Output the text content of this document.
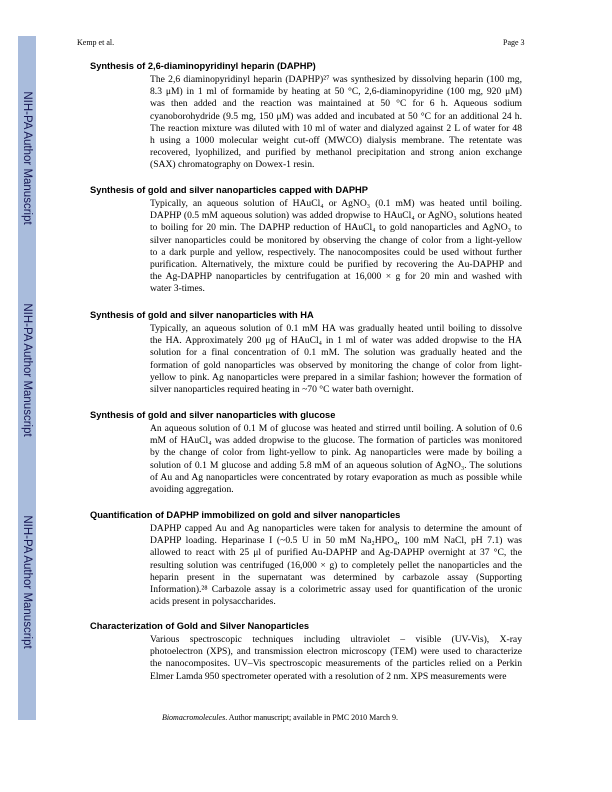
NIH-PA Author Manuscript
NIH-PA Author Manuscript
NIH-PA Author Manuscript
Kemp et al.	Page 3
Synthesis of 2,6-diaminopyridinyl heparin (DAPHP)
The 2,6 diaminopyridinyl heparin (DAPHP)²⁷ was synthesized by dissolving heparin (100 mg,
8.3 μM) in 1 ml of formamide by heating at 50 °C, 2,6-diaminopyridine (100 mg, 920 μM)
was then added and the reaction was maintained at 50 °C for 6 h. Aqueous sodium
cyanoborohydride (9.5 mg, 150 μM) was added and incubated at 50 °C for an additional 24 h.
The reaction mixture was diluted with 10 ml of water and dialyzed against 2 L of water for 48
h using a 1000 molecular weight cut-off (MWCO) dialysis membrane. The retentate was
recovered, lyophilized, and purified by methanol precipitation and strong anion exchange
(SAX) chromatography on Dowex-1 resin.
Synthesis of gold and silver nanoparticles capped with DAPHP
Typically, an aqueous solution of HAuCl₄ or AgNO₃ (0.1 mM) was heated until boiling.
DAPHP (0.5 mM aqueous solution) was added dropwise to HAuCl₄ or AgNO₃ solutions heated
to boiling for 20 min. The DAPHP reduction of HAuCl₄ to gold nanoparticles and AgNO₃ to
silver nanoparticles could be monitored by observing the change of color from a light-yellow
to a dark purple and yellow, respectively. The nanocomposites could be used without further
purification. Alternatively, the mixture could be purified by recovering the Au-DAPHP and
the Ag-DAPHP nanoparticles by centrifugation at 16,000 × g for 20 min and washed with
water 3-times.
Synthesis of gold and silver nanoparticles with HA
Typically, an aqueous solution of 0.1 mM HA was gradually heated until boiling to dissolve
the HA. Approximately 200 μg of HAuCl₄ in 1 ml of water was added dropwise to the HA
solution for a final concentration of 0.1 mM. The solution was gradually heated and the
formation of gold nanoparticles was observed by monitoring the change of color from light-
yellow to pink. Ag nanoparticles were prepared in a similar fashion; however the formation of
silver nanoparticles required heating in ~70 °C water bath overnight.
Synthesis of gold and silver nanoparticles with glucose
An aqueous solution of 0.1 M of glucose was heated and stirred until boiling. A solution of 0.6
mM of HAuCl₄ was added dropwise to the glucose. The formation of particles was monitored
by the change of color from light-yellow to pink. Ag nanoparticles were made by boiling a
solution of 0.1 M glucose and adding 5.8 mM of an aqueous solution of AgNO₃. The solutions
of Au and Ag nanoparticles were concentrated by rotary evaporation as much as possible while
avoiding aggregation.
Quantification of DAPHP immobilized on gold and silver nanoparticles
DAPHP capped Au and Ag nanoparticles were taken for analysis to determine the amount of
DAPHP loading. Heparinase I (~0.5 U in 50 mM Na₂HPO₄, 100 mM NaCl, pH 7.1) was
allowed to react with 25 μl of purified Au-DAPHP and Ag-DAPHP overnight at 37 °C, the
resulting solution was centrifuged (16,000 × g) to completely pellet the nanoparticles and the
heparin present in the supernatant was determined by carbazole assay (Supporting
Information).²⁸ Carbazole assay is a colorimetric assay used for quantification of the uronic
acids present in polysaccharides.
Characterization of Gold and Silver Nanoparticles
Various spectroscopic techniques including ultraviolet – visible (UV-Vis), X-ray
photoelectron (XPS), and transmission electron microscopy (TEM) were used to characterize
the nanocomposites. UV–Vis spectroscopic measurements of the particles relied on a Perkin
Elmer Lamda 950 spectrometer operated with a resolution of 2 nm. XPS measurements were
Biomacromolecules. Author manuscript; available in PMC 2010 March 9.
